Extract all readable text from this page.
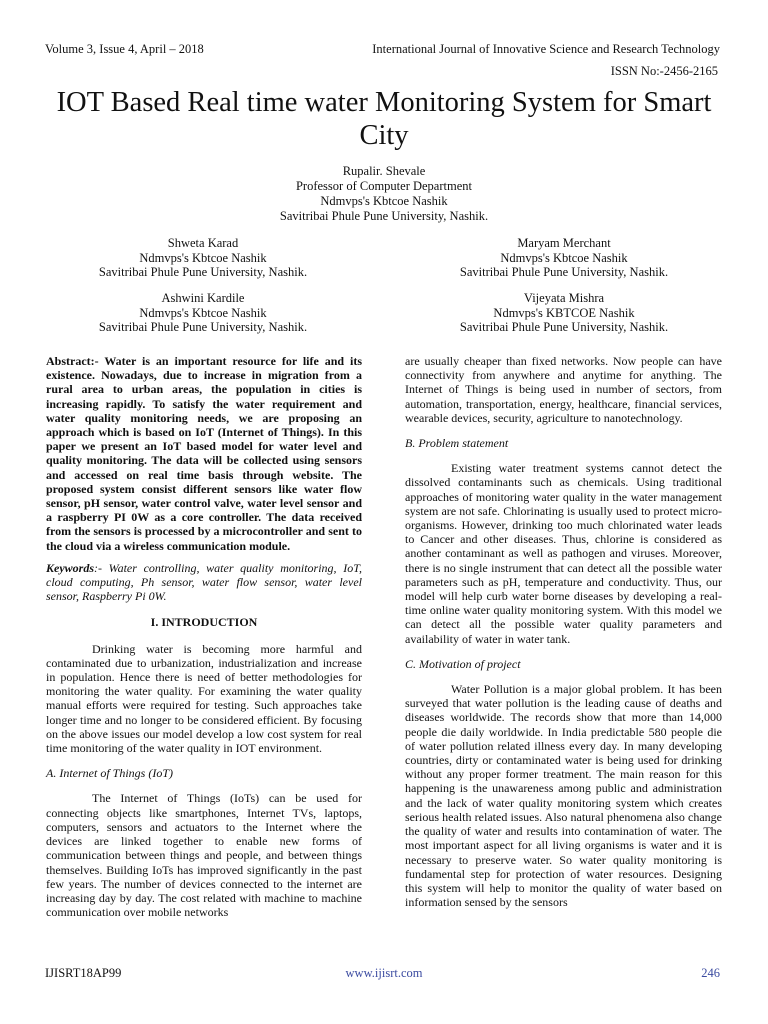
Volume 3, Issue 4, April – 2018	International Journal of Innovative Science and Research Technology
ISSN No:-2456-2165
IOT Based Real time water Monitoring System for Smart City
Rupalir. Shevale
Professor of Computer Department
Ndmvps's Kbtcoe Nashik
Savitribai Phule Pune University, Nashik.
Shweta Karad
Ndmvps's Kbtcoe Nashik
Savitribai Phule Pune University, Nashik.
Maryam Merchant
Ndmvps's Kbtcoe Nashik
Savitribai Phule Pune University, Nashik.
Ashwini Kardile
Ndmvps's Kbtcoe Nashik
Savitribai Phule Pune University, Nashik.
Vijeyata Mishra
Ndmvps's KBTCOE Nashik
Savitribai Phule Pune University, Nashik.

Abstract:- Water is an important resource for life and its existence. Nowadays, due to increase in migration from a rural area to urban areas, the population in cities is increasing rapidly. To satisfy the water requirement and water quality monitoring needs, we are proposing an approach which is based on IoT (Internet of Things). In this paper we present an IoT based model for water level and quality monitoring. The data will be collected using sensors and accessed on real time basis through website. The proposed system consist different sensors like water flow sensor, pH sensor, water control valve, water level sensor and a raspberry PI 0W as a core controller. The data received from the sensors is processed by a microcontroller and sent to the cloud via a wireless communication module.

Keywords:- Water controlling, water quality monitoring, IoT, cloud computing, Ph sensor, water flow sensor, water level sensor, Raspberry Pi 0W.

I. INTRODUCTION

Drinking water is becoming more harmful and contaminated due to urbanization, industrialization and increase in population. Hence there is need of better methodologies for monitoring the water quality. For examining the water quality manual efforts were required for testing. Such approaches take longer time and no longer to be considered efficient. By focusing on the above issues our model develop a low cost system for real time monitoring of the water quality in IOT environment.

A. Internet of Things (IoT)

The Internet of Things (IoTs) can be used for connecting objects like smartphones, Internet TVs, laptops, computers, sensors and actuators to the Internet where the devices are linked together to enable new forms of communication between things and people, and between things themselves. Building IoTs has improved significantly in the past few years. The number of devices connected to the internet are increasing day by day. The cost related with machine to machine communication over mobile networks

are usually cheaper than fixed networks. Now people can have connectivity from anywhere and anytime for anything. The Internet of Things is being used in number of sectors, from automation, transportation, energy, healthcare, financial services, wearable devices, security, agriculture to nanotechnology.

B. Problem statement

Existing water treatment systems cannot detect the dissolved contaminants such as chemicals. Using traditional approaches of monitoring water quality in the water management system are not safe. Chlorinating is usually used to protect micro-organisms. However, drinking too much chlorinated water leads to Cancer and other diseases. Thus, chlorine is considered as another contaminant as well as pathogen and viruses. Moreover, there is no single instrument that can detect all the possible water parameters such as pH, temperature and conductivity. Thus, our model will help curb water borne diseases by developing a real-time online water quality monitoring system. With this model we can detect all the possible water quality parameters and availability of water in water tank.

C. Motivation of project

Water Pollution is a major global problem. It has been surveyed that water pollution is the leading cause of deaths and diseases worldwide. The records show that more than 14,000 people die daily worldwide. In India predictable 580 people die of water pollution related illness every day. In many developing countries, dirty or contaminated water is being used for drinking without any proper former treatment. The main reason for this happening is the unawareness among public and administration and the lack of water quality monitoring system which creates serious health related issues. Also natural phenomena also change the quality of water and results into contamination of water. The most important aspect for all living organisms is water and it is necessary to preserve water. So water quality monitoring is fundamental step for protection of water resources. Designing this system will help to monitor the quality of water based on information sensed by the sensors

IJISRT18AP99	www.ijisrt.com	246
